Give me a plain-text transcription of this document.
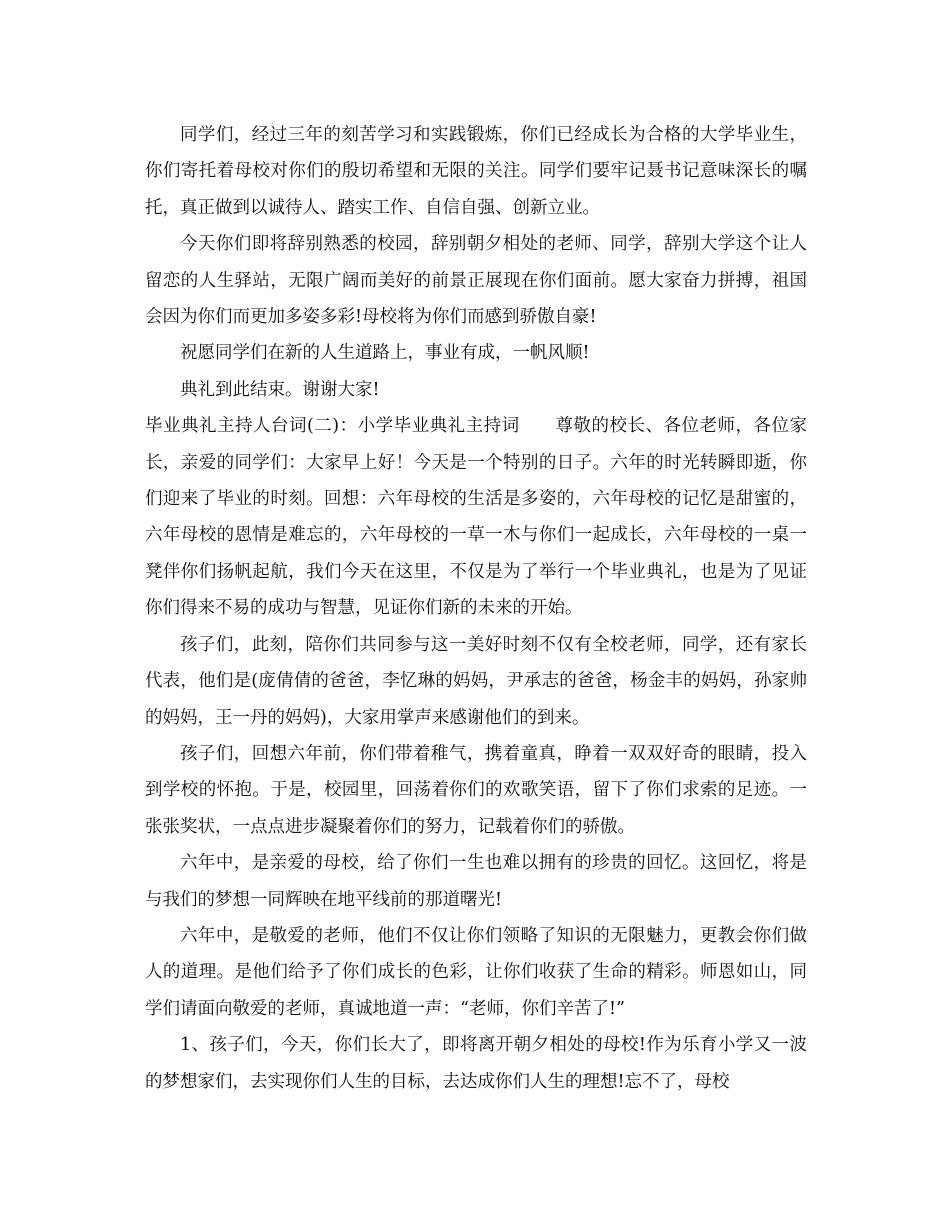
同学们，经过三年的刻苦学习和实践锻炼，你们已经成长为合格的大学毕业生，你们寄托着母校对你们的殷切希望和无限的关注。同学们要牢记聂书记意味深长的嘱托，真正做到以诚待人、踏实工作、自信自强、创新立业。

今天你们即将辞别熟悉的校园，辞别朝夕相处的老师、同学，辞别大学这个让人留恋的人生驿站，无限广阔而美好的前景正展现在你们面前。愿大家奋力拼搏，祖国会因为你们而更加多姿多彩!母校将为你们而感到骄傲自豪!

祝愿同学们在新的人生道路上，事业有成，一帆风顺!

典礼到此结束。谢谢大家!

毕业典礼主持人台词(二)：小学毕业典礼主持词　　尊敬的校长、各位老师，各位家长，亲爱的同学们：大家早上好！今天是一个特别的日子。六年的时光转瞬即逝，你们迎来了毕业的时刻。回想：六年母校的生活是多姿的，六年母校的记忆是甜蜜的，六年母校的恩情是难忘的，六年母校的一草一木与你们一起成长，六年母校的一桌一凳伴你们扬帆起航，我们今天在这里，不仅是为了举行一个毕业典礼，也是为了见证你们得来不易的成功与智慧，见证你们新的未来的开始。

孩子们，此刻，陪你们共同参与这一美好时刻不仅有全校老师，同学，还有家长代表，他们是(庞倩倩的爸爸，李忆琳的妈妈，尹承志的爸爸，杨金丰的妈妈，孙家帅的妈妈，王一丹的妈妈)，大家用掌声来感谢他们的到来。

孩子们，回想六年前，你们带着稚气，携着童真，睁着一双双好奇的眼睛，投入到学校的怀抱。于是，校园里，回荡着你们的欢歌笑语，留下了你们求索的足迹。一张张奖状，一点点进步凝聚着你们的努力，记载着你们的骄傲。

六年中，是亲爱的母校，给了你们一生也难以拥有的珍贵的回忆。这回忆，将是与我们的梦想一同辉映在地平线前的那道曙光!

六年中，是敬爱的老师，他们不仅让你们领略了知识的无限魅力，更教会你们做人的道理。是他们给予了你们成长的色彩，让你们收获了生命的精彩。师恩如山，同学们请面向敬爱的老师，真诚地道一声：“老师，你们辛苦了!”

1、孩子们，今天，你们长大了，即将离开朝夕相处的母校!作为乐育小学又一波的梦想家们，去实现你们人生的目标，去达成你们人生的理想!忘不了，母校
